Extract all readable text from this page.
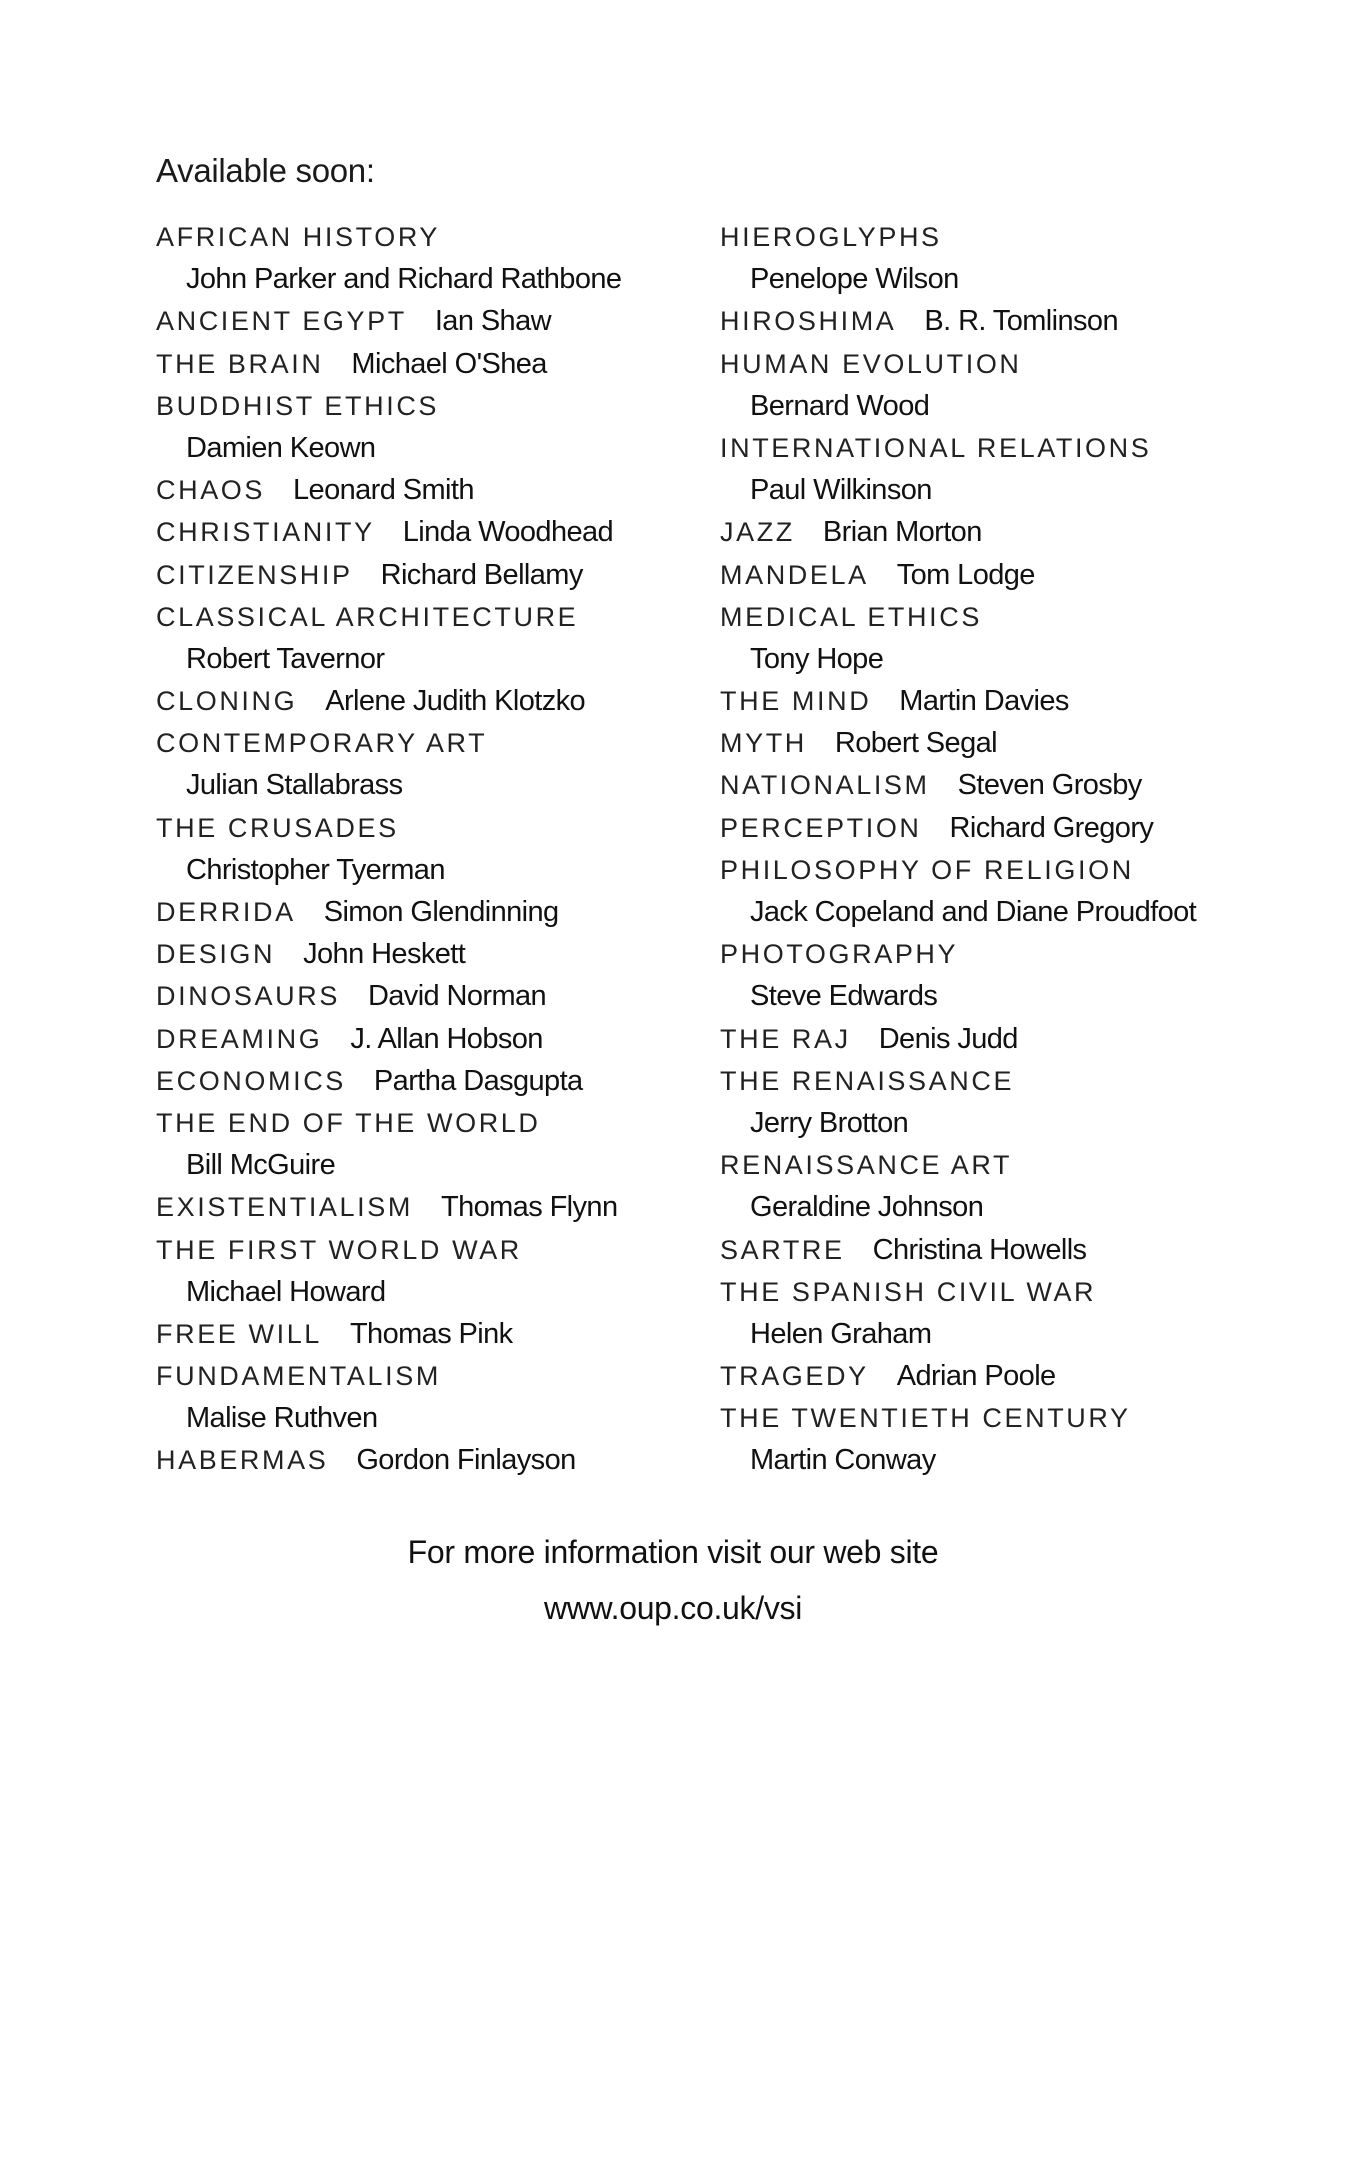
Available soon:
AFRICAN HISTORY
John Parker and Richard Rathbone
ANCIENT EGYPT Ian Shaw
THE BRAIN Michael O'Shea
BUDDHIST ETHICS
Damien Keown
CHAOS Leonard Smith
CHRISTIANITY Linda Woodhead
CITIZENSHIP Richard Bellamy
CLASSICAL ARCHITECTURE
Robert Tavernor
CLONING Arlene Judith Klotzko
CONTEMPORARY ART
Julian Stallabrass
THE CRUSADES
Christopher Tyerman
DERRIDA Simon Glendinning
DESIGN John Heskett
DINOSAURS David Norman
DREAMING J. Allan Hobson
ECONOMICS Partha Dasgupta
THE END OF THE WORLD
Bill McGuire
EXISTENTIALISM Thomas Flynn
THE FIRST WORLD WAR
Michael Howard
FREE WILL Thomas Pink
FUNDAMENTALISM
Malise Ruthven
HABERMAS Gordon Finlayson
HIEROGLYPHS
Penelope Wilson
HIROSHIMA B. R. Tomlinson
HUMAN EVOLUTION
Bernard Wood
INTERNATIONAL RELATIONS
Paul Wilkinson
JAZZ Brian Morton
MANDELA Tom Lodge
MEDICAL ETHICS
Tony Hope
THE MIND Martin Davies
MYTH Robert Segal
NATIONALISM Steven Grosby
PERCEPTION Richard Gregory
PHILOSOPHY OF RELIGION
Jack Copeland and Diane Proudfoot
PHOTOGRAPHY
Steve Edwards
THE RAJ Denis Judd
THE RENAISSANCE
Jerry Brotton
RENAISSANCE ART
Geraldine Johnson
SARTRE Christina Howells
THE SPANISH CIVIL WAR
Helen Graham
TRAGEDY Adrian Poole
THE TWENTIETH CENTURY
Martin Conway
For more information visit our web site
www.oup.co.uk/vsi
